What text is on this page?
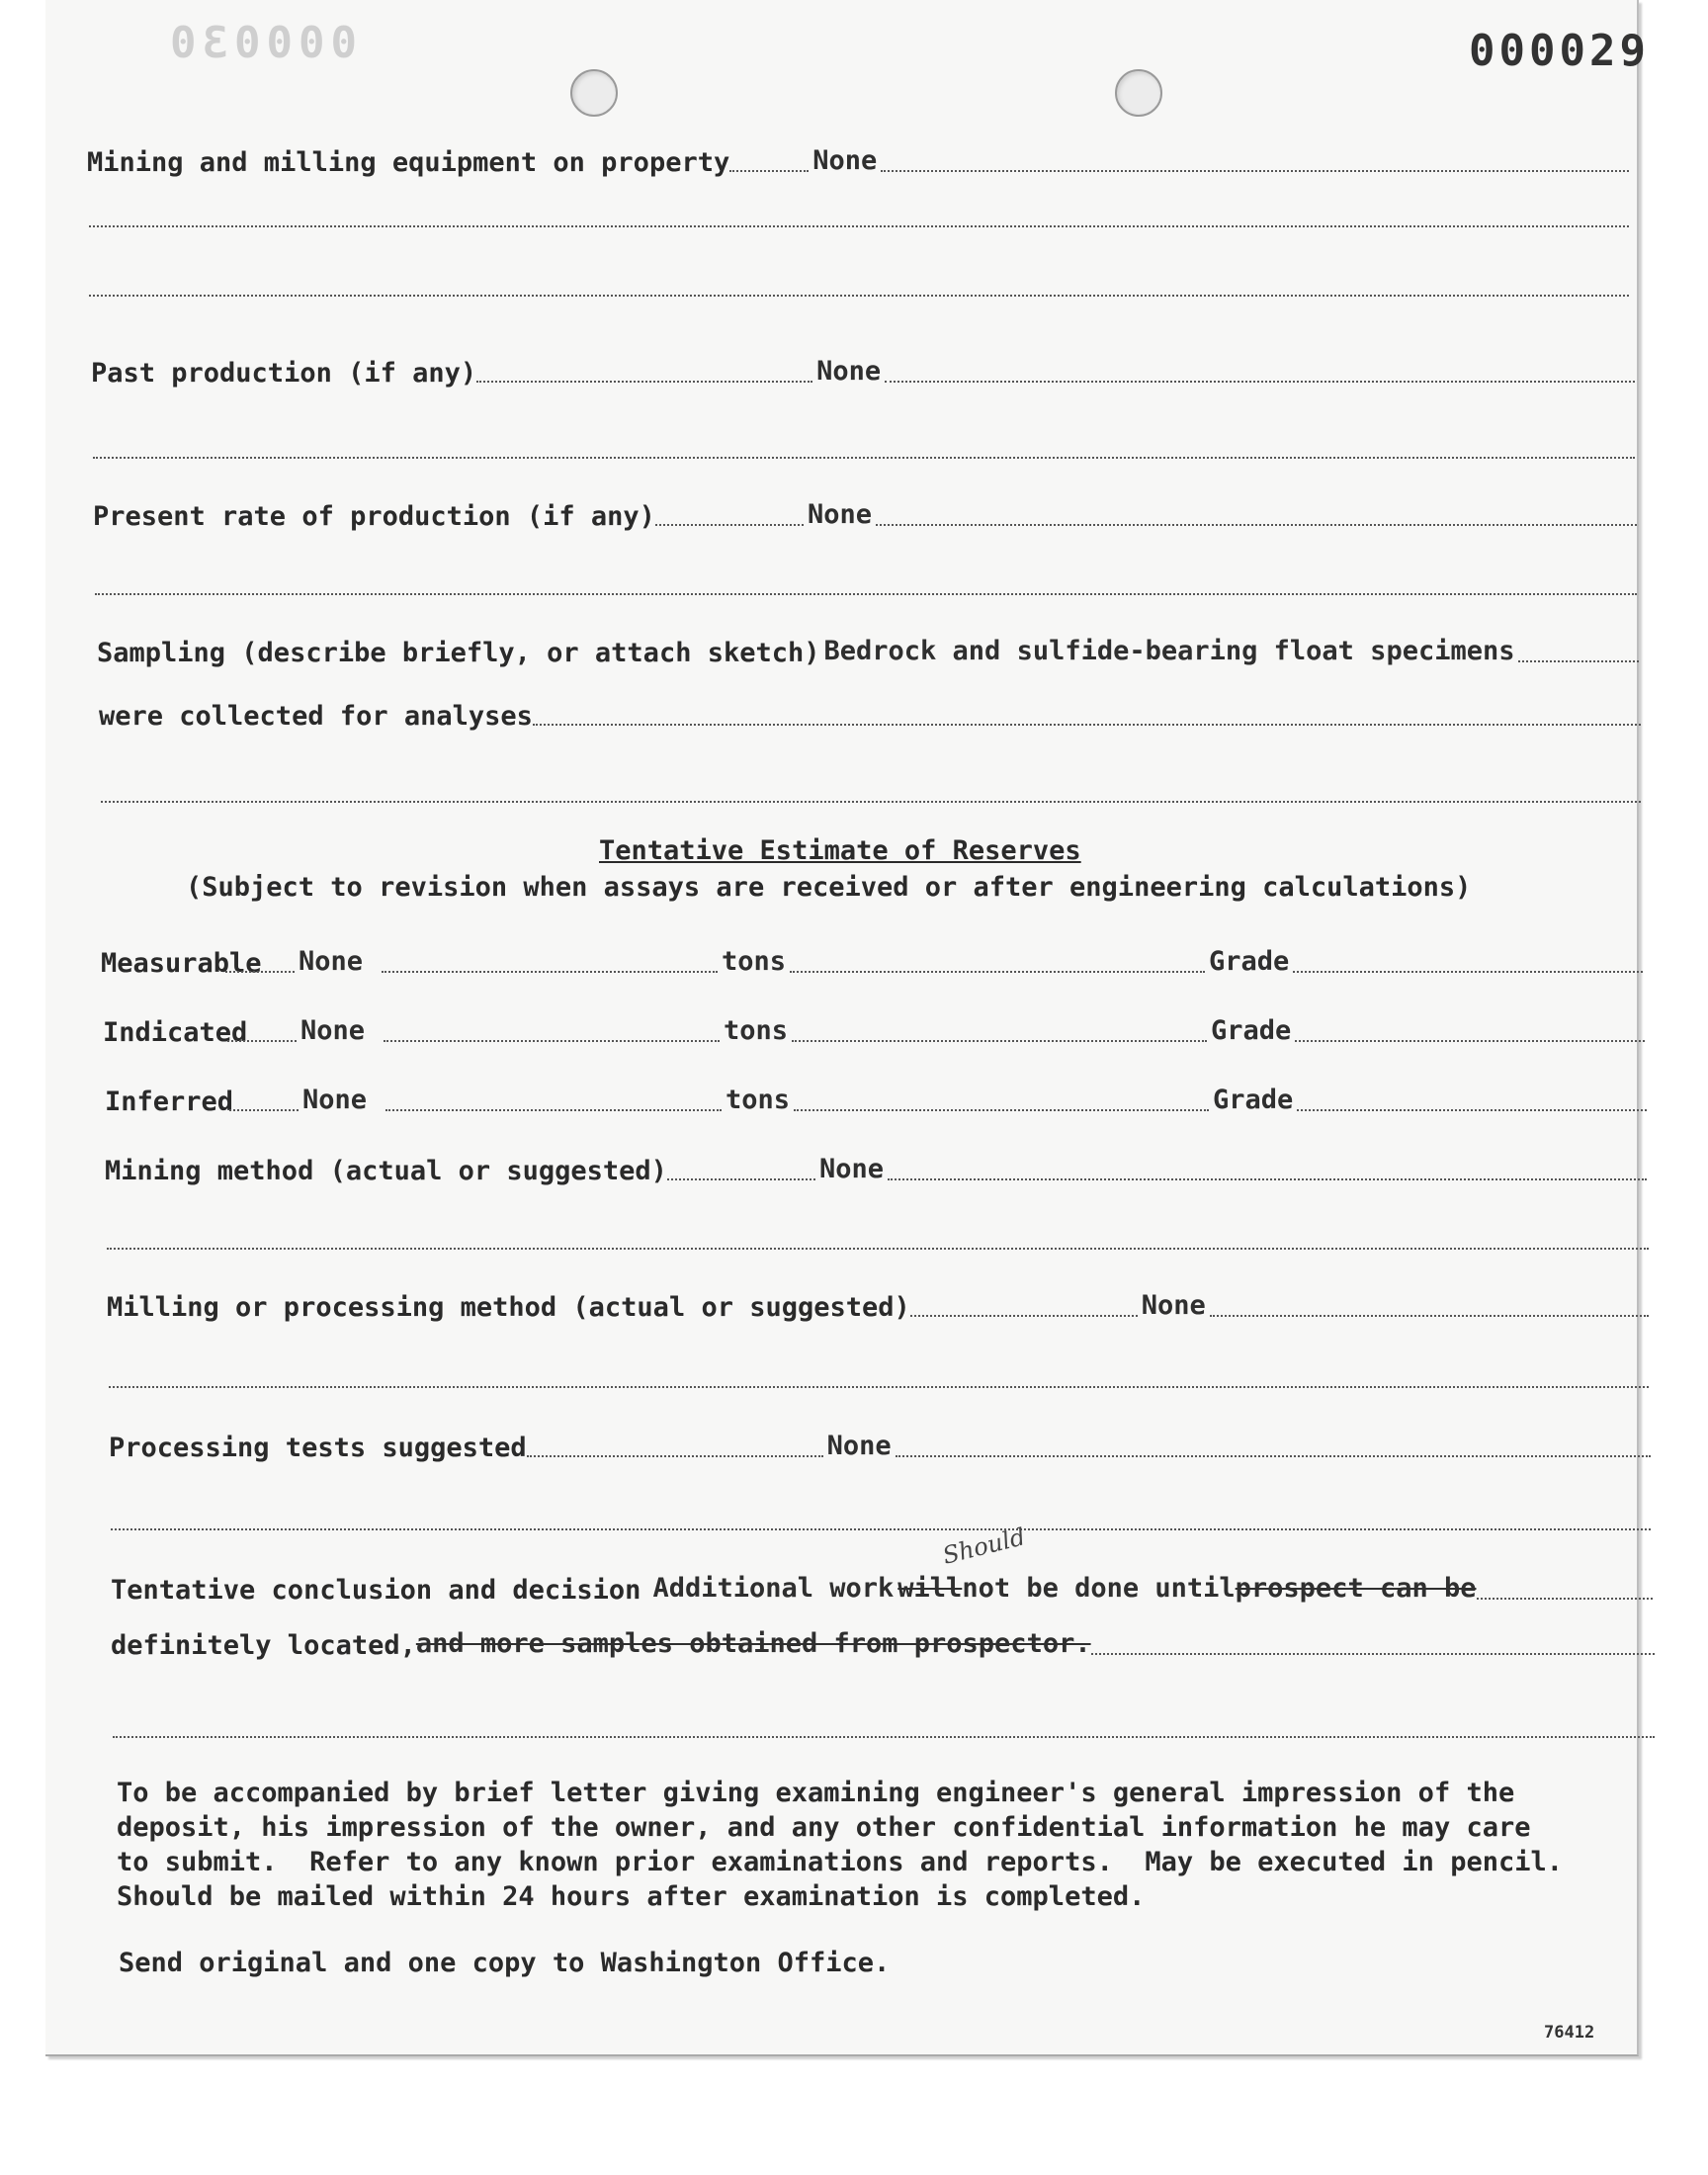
000030	000029
Mining and milling equipment on property	None
Past production (if any)	None
Present rate of production (if any)	None
Sampling (describe briefly, or attach sketch) Bedrock and sulfide-bearing float specimens
were collected for analyses
Tentative Estimate of Reserves
(Subject to revision when assays are received or after engineering calculations)
Measurable None	tons	Grade
Indicated None	tons	Grade
Inferred	None	tons	Grade
Mining method (actual or suggested)	None
Milling or processing method (actual or suggested)	None
Processing tests suggested	None
Should
Tentative conclusion and decision Additional work will not be done until prospect can be
definitely located, and more samples obtained from prospector.
To be accompanied by brief letter giving examining engineer's general impression of the
deposit, his impression of the owner, and any other confidential information he may care
to submit.  Refer to any known prior examinations and reports.  May be executed in pencil.
Should be mailed within 24 hours after examination is completed.
Send original and one copy to Washington Office.
76412
